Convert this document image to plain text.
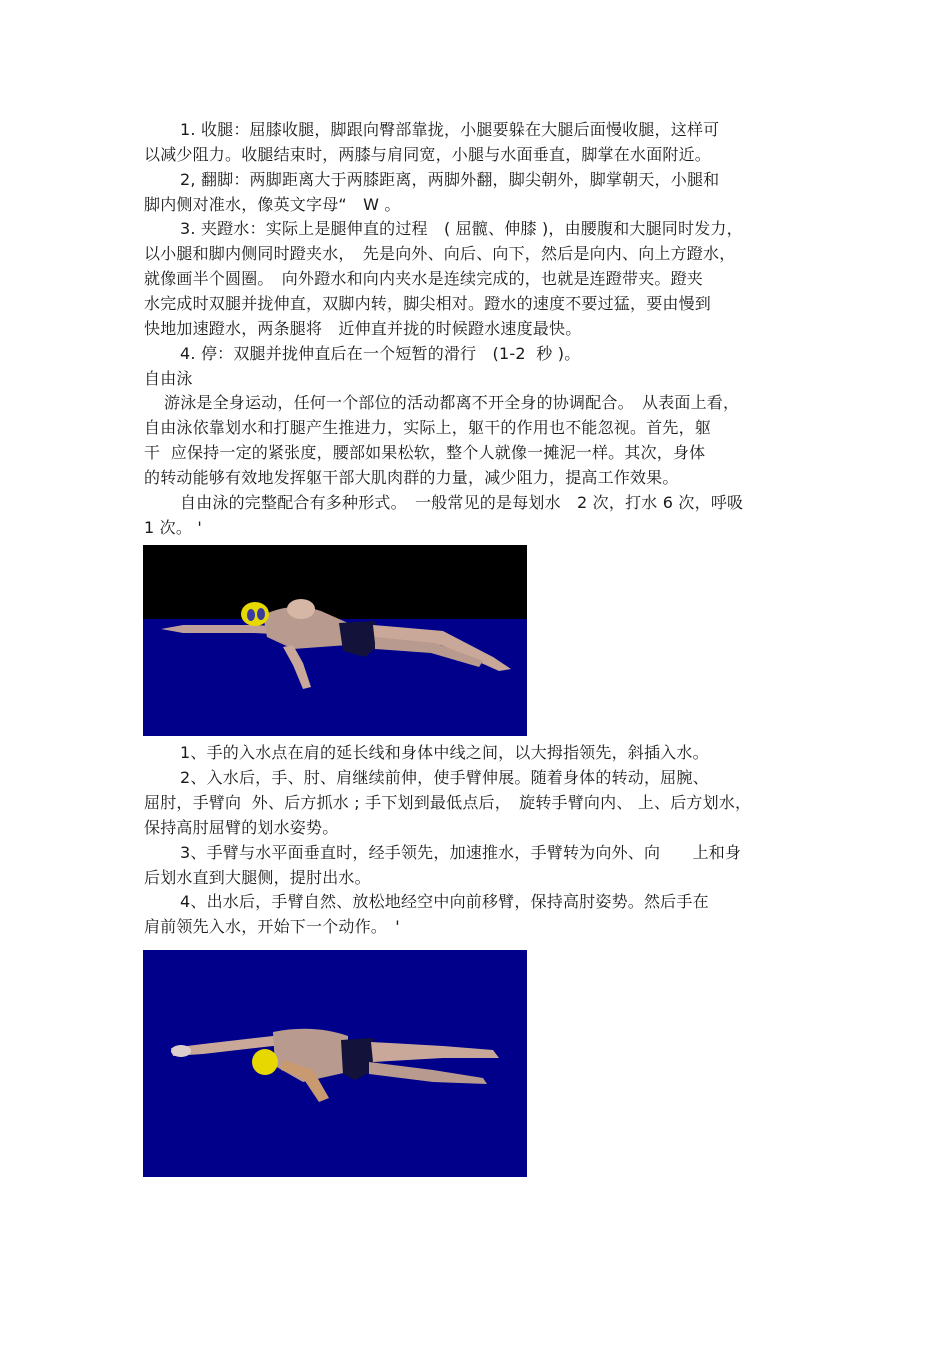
1. 收腿：屈膝收腿，脚跟向臀部靠拢，小腿要躲在大腿后面慢收腿，这样可
以减少阻力。收腿结束时，两膝与肩同宽，小腿与水面垂直，脚掌在水面附近。
2, 翻脚：两脚距离大于两膝距离，两脚外翻，脚尖朝外，脚掌朝天，小腿和
脚内侧对准水，像英文字母“　W 。
3. 夹蹬水：实际上是腿伸直的过程　( 屈髋、伸膝 )，由腰腹和大腿同时发力，
以小腿和脚内侧同时蹬夹水，　先是向外、向后、向下，然后是向内、向上方蹬水，
就像画半个圆圈。　向外蹬水和向内夹水是连续完成的，也就是连蹬带夹。蹬夹
水完成时双腿并拢伸直，双脚内转，脚尖相对。蹬水的速度不要过猛，要由慢到
快地加速蹬水，两条腿将　近伸直并拢的时候蹬水速度最快。
4. 停：双腿并拢伸直后在一个短暂的滑行　(1-2  秒 )。
自由泳
游泳是全身运动，任何一个部位的活动都离不开全身的协调配合。　从表面上看，
自由泳依靠划水和打腿产生推进力，实际上，躯干的作用也不能忽视。首先，躯
干  应保持一定的紧张度，腰部如果松软，整个人就像一摊泥一样。其次，身体
的转动能够有效地发挥躯干部大肌肉群的力量，减少阻力，提高工作效果。
自由泳的完整配合有多种形式。　一般常见的是每划水　2 次，打水 6 次，呼吸
1 次。 '
1、手的入水点在肩的延长线和身体中线之间，以大拇指领先，斜插入水。
2、入水后，手、肘、肩继续前伸，使手臂伸展。随着身体的转动，屈腕、
屈肘，手臂向  外、后方抓水 ; 手下划到最低点后，　旋转手臂向内、 上、后方划水，
保持高肘屈臂的划水姿势。
3、手臂与水平面垂直时，经手领先，加速推水，手臂转为向外、向　　上和身
后划水直到大腿侧，提肘出水。
4、出水后，手臂自然、放松地经空中向前移臂，保持高肘姿势。然后手在
肩前领先入水，开始下一个动作。　'
